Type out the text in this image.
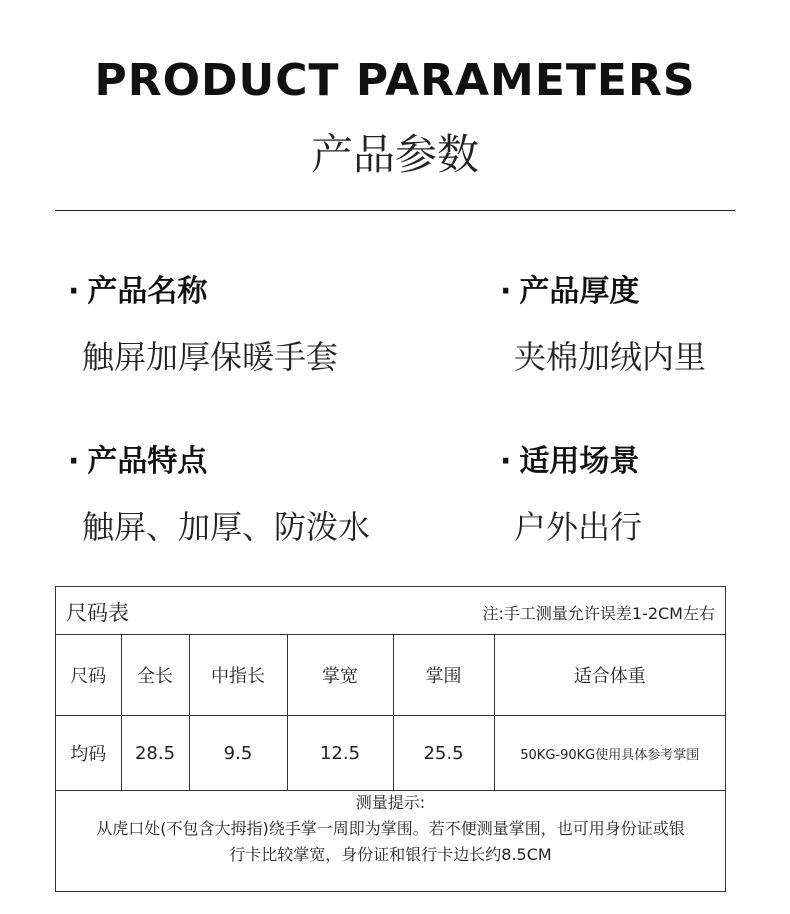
PRODUCT PARAMETERS
产品参数
· 产品名称
触屏加厚保暖手套
· 产品厚度
夹棉加绒内里
· 产品特点
触屏、加厚、防泼水
· 适用场景
户外出行
尺码表	注:手工测量允许误差1-2CM左右
尺码	全长	中指长	掌宽	掌围	适合体重
均码	28.5	9.5	12.5	25.5	50KG-90KG使用具体参考掌围
测量提示:
从虎口处(不包含大拇指)绕手掌一周即为掌围。若不便测量掌围，也可用身份证或银
行卡比较掌宽，身份证和银行卡边长约8.5CM
